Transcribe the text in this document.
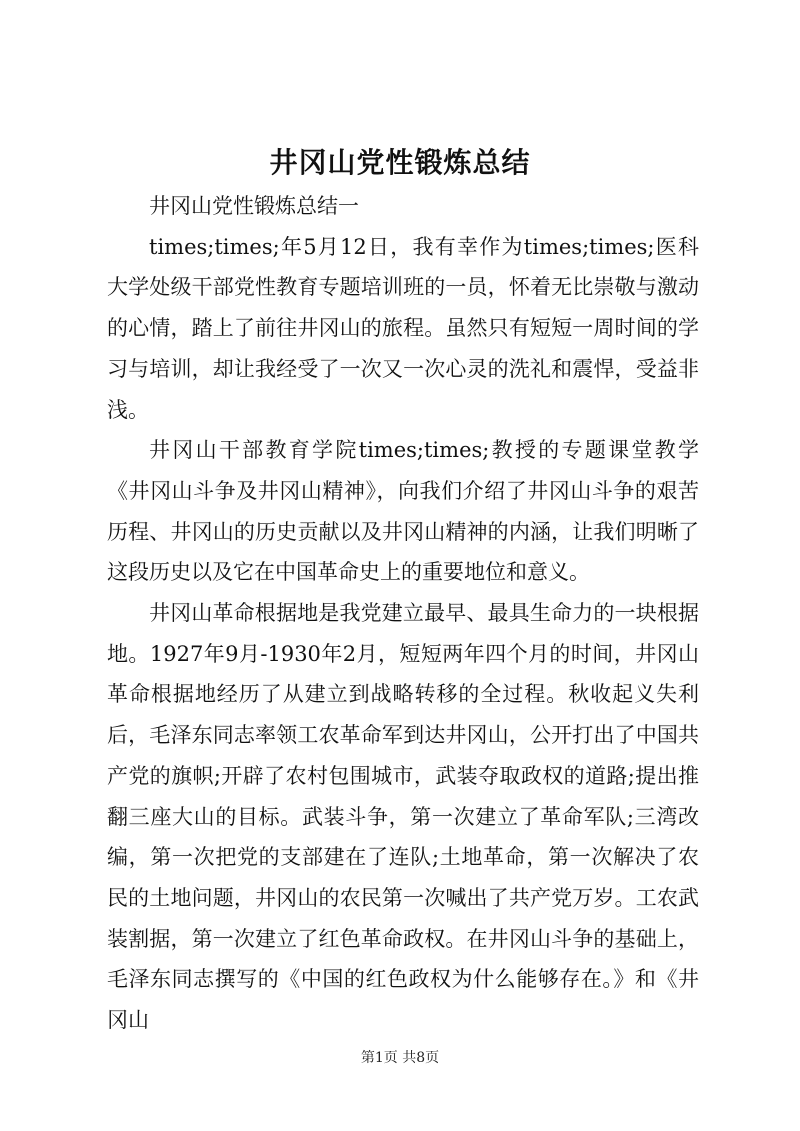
井冈山党性锻炼总结

井冈山党性锻炼总结一

times;times;年5月12日，我有幸作为times;times;医科大学处级干部党性教育专题培训班的一员，怀着无比崇敬与激动的心情，踏上了前往井冈山的旅程。虽然只有短短一周时间的学习与培训，却让我经受了一次又一次心灵的洗礼和震悍，受益非浅。

井冈山干部教育学院times;times;教授的专题课堂教学《井冈山斗争及井冈山精神》，向我们介绍了井冈山斗争的艰苦历程、井冈山的历史贡献以及井冈山精神的内涵，让我们明晰了这段历史以及它在中国革命史上的重要地位和意义。

井冈山革命根据地是我党建立最早、最具生命力的一块根据地。1927年9月-1930年2月，短短两年四个月的时间，井冈山革命根据地经历了从建立到战略转移的全过程。秋收起义失利后，毛泽东同志率领工农革命军到达井冈山，公开打出了中国共产党的旗帜;开辟了农村包围城市，武装夺取政权的道路;提出推翻三座大山的目标。武装斗争，第一次建立了革命军队;三湾改编，第一次把党的支部建在了连队;土地革命，第一次解决了农民的土地问题，井冈山的农民第一次喊出了共产党万岁。工农武装割据，第一次建立了红色革命政权。在井冈山斗争的基础上，毛泽东同志撰写的《中国的红色政权为什么能够存在。》和《井冈山

第1页 共8页
